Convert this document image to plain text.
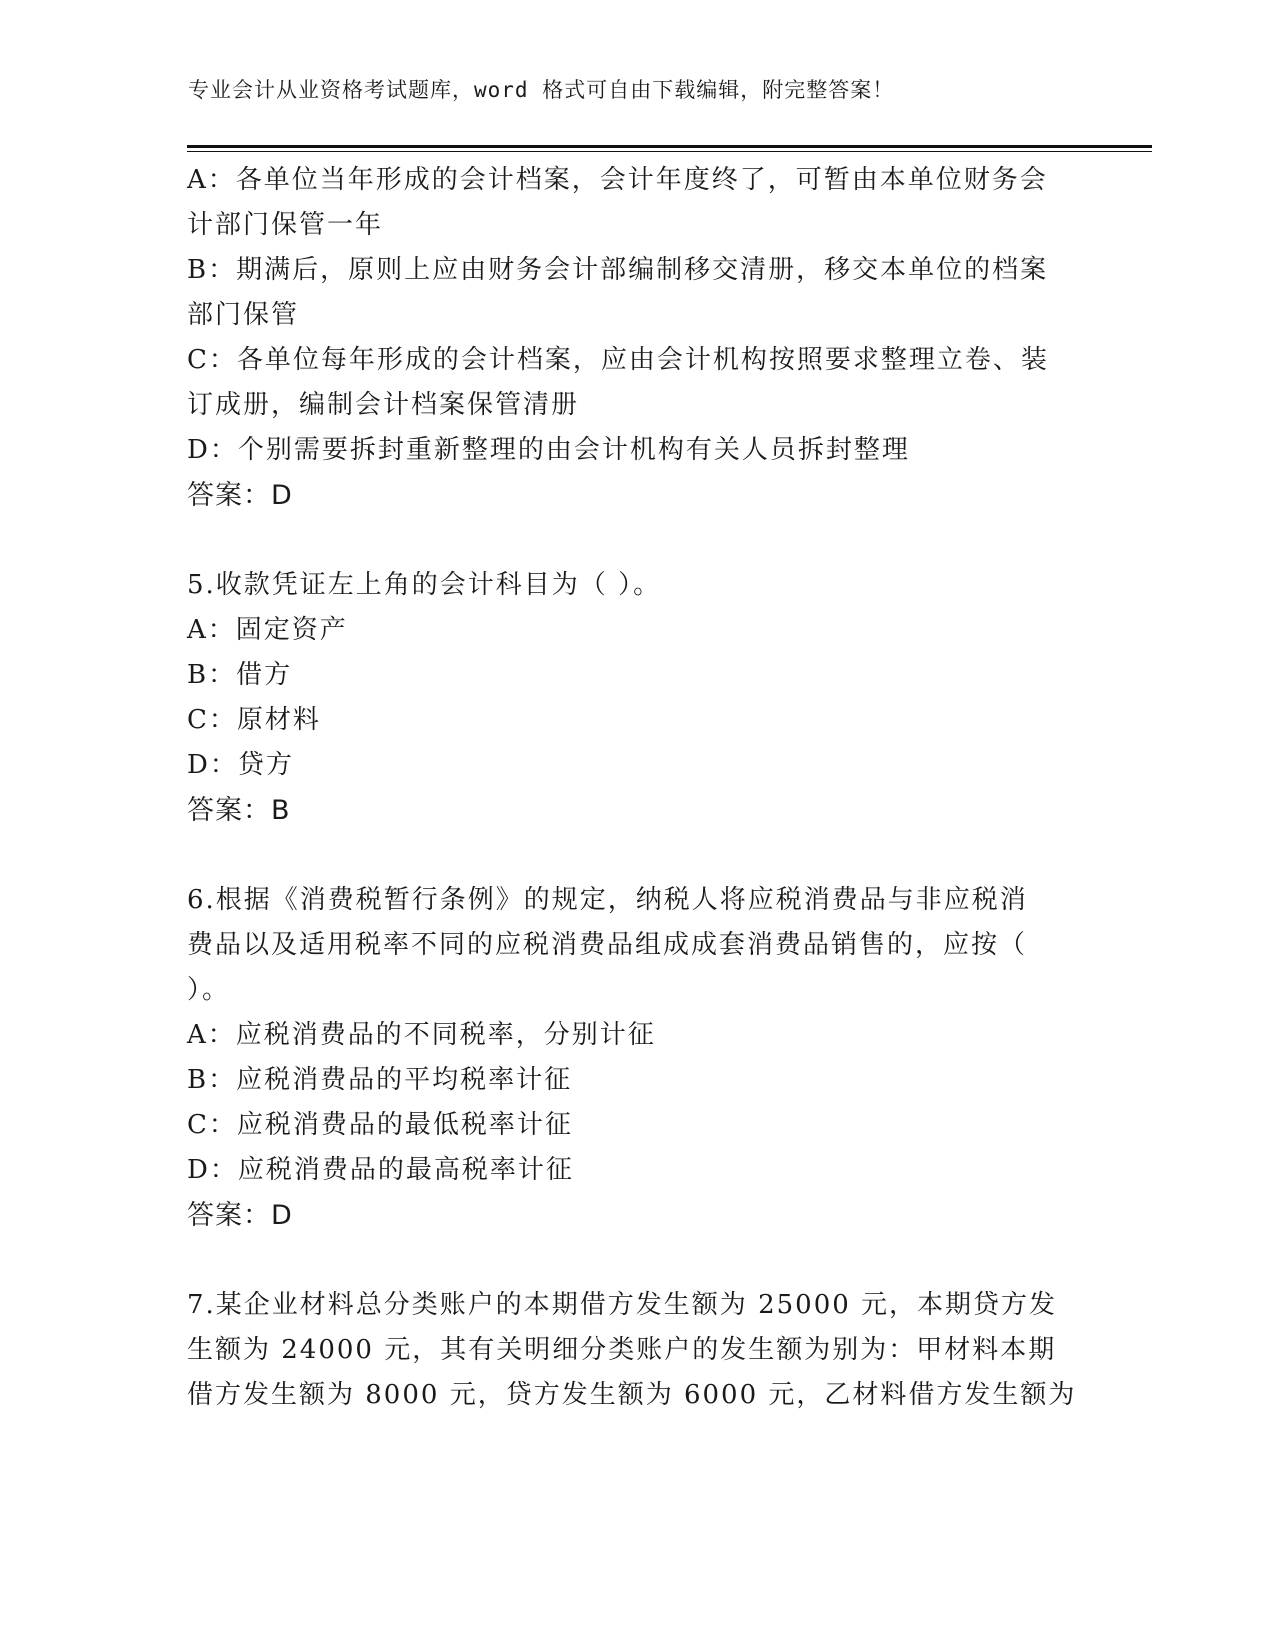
专业会计从业资格考试题库，word 格式可自由下载编辑，附完整答案！
A：各单位当年形成的会计档案，会计年度终了，可暂由本单位财务会
计部门保管一年
B：期满后，原则上应由财务会计部编制移交清册，移交本单位的档案
部门保管
C：各单位每年形成的会计档案，应由会计机构按照要求整理立卷、装
订成册，编制会计档案保管清册
D：个别需要拆封重新整理的由会计机构有关人员拆封整理
答案：D
5.收款凭证左上角的会计科目为（ ）。
A：固定资产
B：借方
C：原材料
D：贷方
答案：B
6.根据《消费税暂行条例》的规定，纳税人将应税消费品与非应税消
费品以及适用税率不同的应税消费品组成成套消费品销售的，应按（
）。
A：应税消费品的不同税率，分别计征
B：应税消费品的平均税率计征
C：应税消费品的最低税率计征
D：应税消费品的最高税率计征
答案：D
7.某企业材料总分类账户的本期借方发生额为 25000 元，本期贷方发
生额为 24000 元，其有关明细分类账户的发生额为别为：甲材料本期
借方发生额为 8000 元，贷方发生额为 6000 元，乙材料借方发生额为
